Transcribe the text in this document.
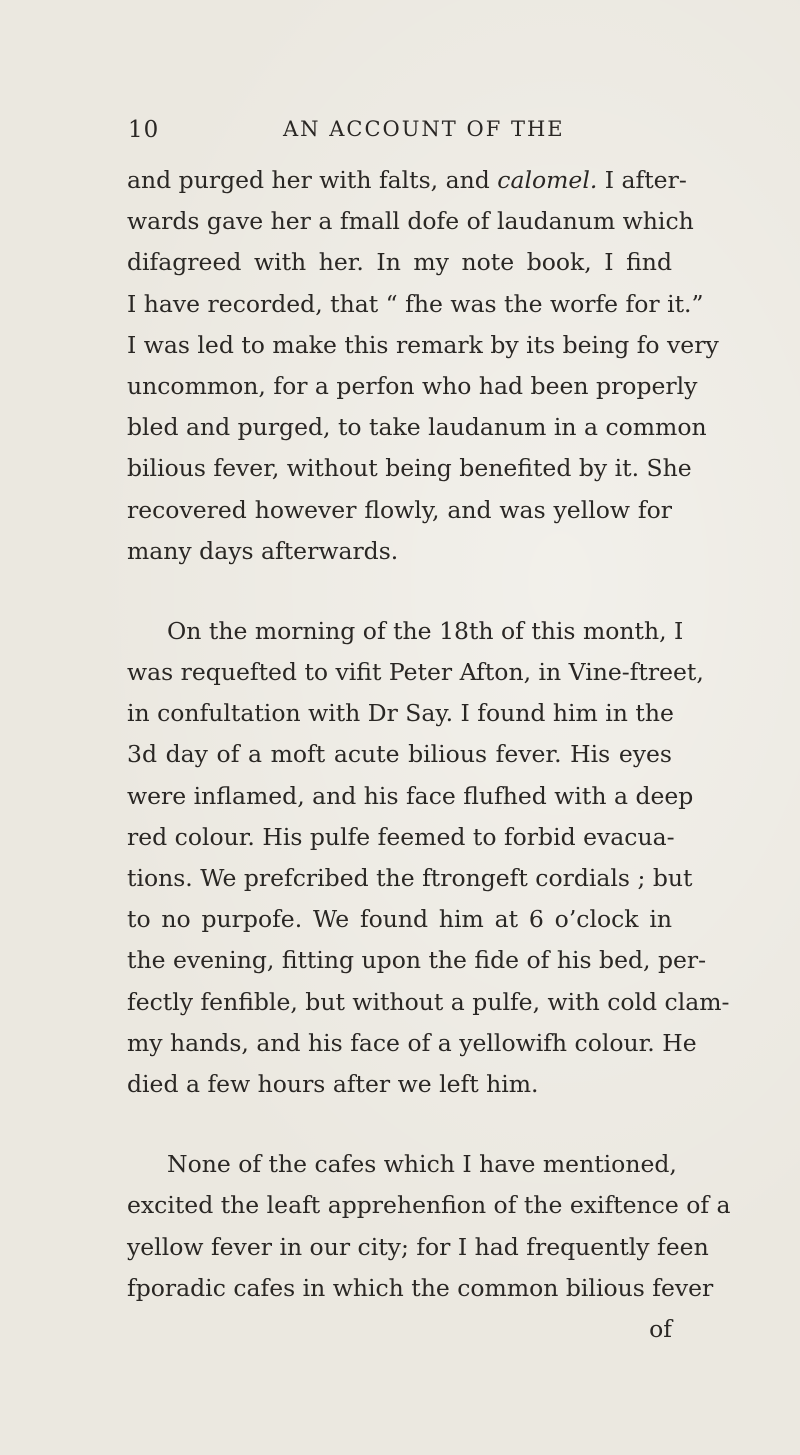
10	AN ACCOUNT OF THE
and purged her with falts, and calomel. I after-
wards gave her a fmall dofe of laudanum which
difagreed with her. In my note book, I find
I have recorded, that “ fhe was the worfe for it.”
I was led to make this remark by its being fo very
uncommon, for a perfon who had been properly
bled and purged, to take laudanum in a common
bilious fever, without being benefited by it. She
recovered however flowly, and was yellow for
many days afterwards.
On the morning of the 18th of this month, I
was requefted to vifit Peter Afton, in Vine-ftreet,
in confultation with Dr Say. I found him in the
3d day of a moft acute bilious fever. His eyes
were inflamed, and his face flufhed with a deep
red colour. His pulfe feemed to forbid evacua-
tions. We prefcribed the ftrongeft cordials ; but
to no purpofe. We found him at 6 o’clock in
the evening, fitting upon the fide of his bed, per-
fectly fenfible, but without a pulfe, with cold clam-
my hands, and his face of a yellowifh colour. He
died a few hours after we left him.
None of the cafes which I have mentioned,
excited the leaft apprehenfion of the exiftence of a
yellow fever in our city; for I had frequently feen
fporadic cafes in which the common bilious fever
of
